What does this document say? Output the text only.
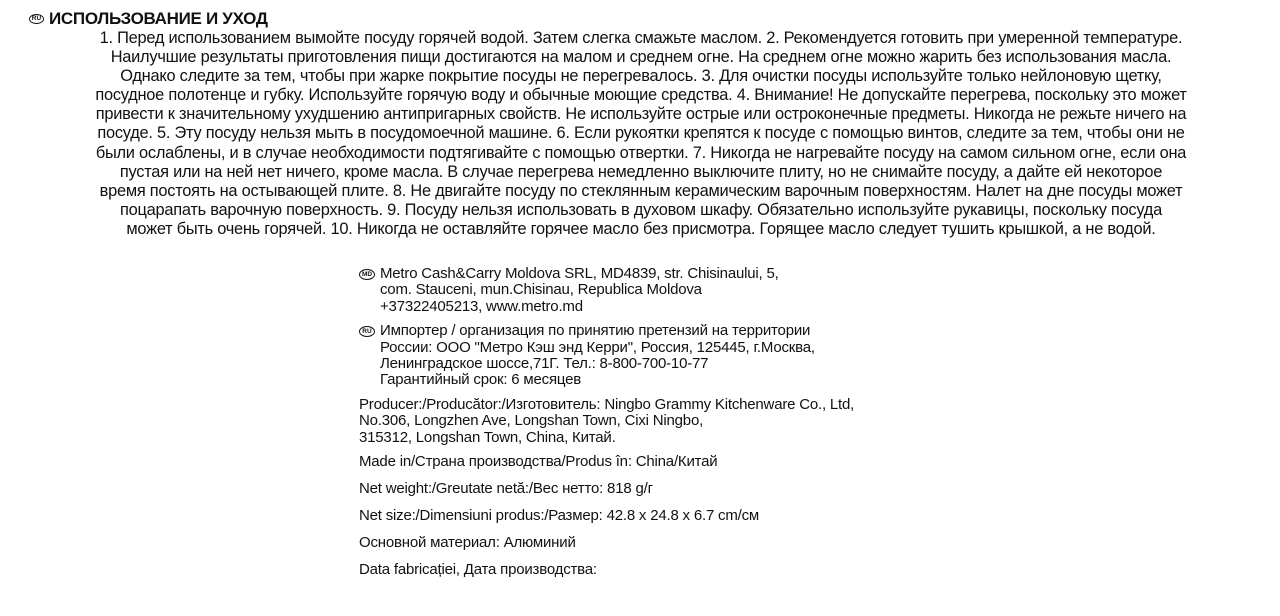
RU ИСПОЛЬЗОВАНИЕ И УХОД
1. Перед использованием вымойте посуду горячей водой. Затем слегка смажьте маслом. 2. Рекомендуется готовить при умеренной температуре.
Наилучшие результаты приготовления пищи достигаются на малом и среднем огне. На среднем огне можно жарить без использования масла.
Однако следите за тем, чтобы при жарке покрытие посуды не перегревалось. 3. Для очистки посуды используйте только нейлоновую щетку,
посудное полотенце и губку. Используйте горячую воду и обычные моющие средства. 4. Внимание! Не допускайте перегрева, поскольку это может
привести к значительному ухудшению антипригарных свойств. Не используйте острые или остроконечные предметы. Никогда не режьте ничего на
посуде. 5. Эту посуду нельзя мыть в посудомоечной машине. 6. Если рукоятки крепятся к посуде с помощью винтов, следите за тем, чтобы они не
были ослаблены, и в случае необходимости подтягивайте с помощью отвертки. 7. Никогда не нагревайте посуду на самом сильном огне, если она
пустая или на ней нет ничего, кроме масла. В случае перегрева немедленно выключите плиту, но не снимайте посуду, а дайте ей некоторое
время постоять на остывающей плите. 8. Не двигайте посуду по стеклянным керамическим варочным поверхностям. Налет на дне посуды может
поцарапать варочную поверхность. 9. Посуду нельзя использовать в духовом шкафу. Обязательно используйте рукавицы, поскольку посуда
может быть очень горячей. 10. Никогда не оставляйте горячее масло без присмотра. Горящее масло следует тушить крышкой, а не водой.
MD Metro Cash&Carry Moldova SRL, MD4839, str. Chisinaului, 5,
com. Stauceni, mun.Chisinau, Republica Moldova
+37322405213, www.metro.md
RU Импортер / организация по принятию претензий на территории
России: ООО "Метро Кэш энд Керри", Россия, 125445, г.Москва,
Ленинградское шоссе,71Г. Тел.: 8-800-700-10-77
Гарантийный срок: 6 месяцев
Producer:/Producător:/Изготовитель: Ningbo Grammy Kitchenware Co., Ltd,
No.306, Longzhen Ave, Longshan Town, Cixi Ningbo,
315312, Longshan Town, China, Китай.
Made in/Страна производства/Produs în: China/Китай
Net weight:/Greutate netă:/Вес нетто: 818 g/г
Net size:/Dimensiuni produs:/Размер: 42.8 x 24.8 x 6.7 cm/см
Основной материал: Алюминий
Data fabricației, Дата производства:
